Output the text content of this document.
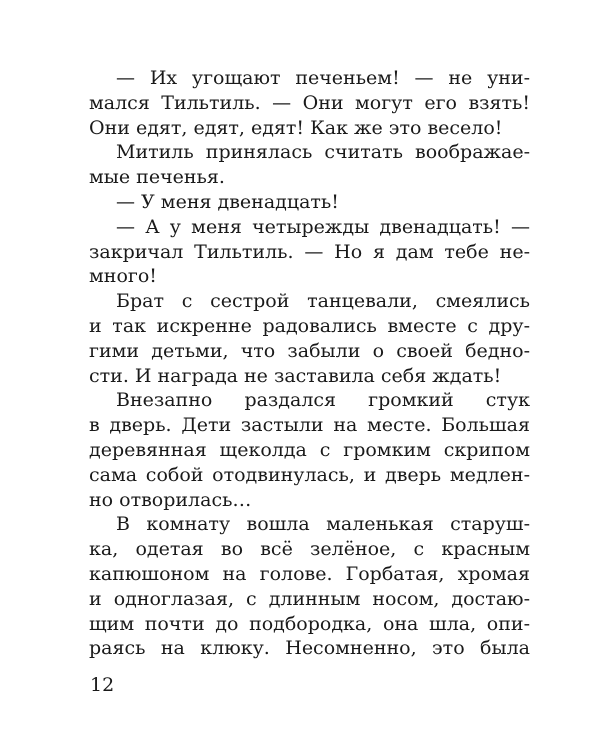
— Их угощают печеньем! — не уни-
мался Тильтиль. — Они могут его взять!
Они едят, едят, едят! Как же это весело!
Митиль принялась считать воображае-
мые печенья.
— У меня двенадцать!
— А у меня четырежды двенадцать! —
закричал Тильтиль. — Но я дам тебе не-
много!
Брат с сестрой танцевали, смеялись
и так искренне радовались вместе с дру-
гими детьми, что забыли о своей бедно-
сти. И награда не заставила себя ждать!
Внезапно раздался громкий стук
в дверь. Дети застыли на месте. Большая
деревянная щеколда с громким скрипом
сама собой отодвинулась, и дверь медлен-
но отворилась…
В комнату вошла маленькая старуш-
ка, одетая во всё зелёное, с красным
капюшоном на голове. Горбатая, хромая
и одноглазая, с длинным носом, достаю-
щим почти до подбородка, она шла, опи-
раясь на клюку. Несомненно, это была
12
